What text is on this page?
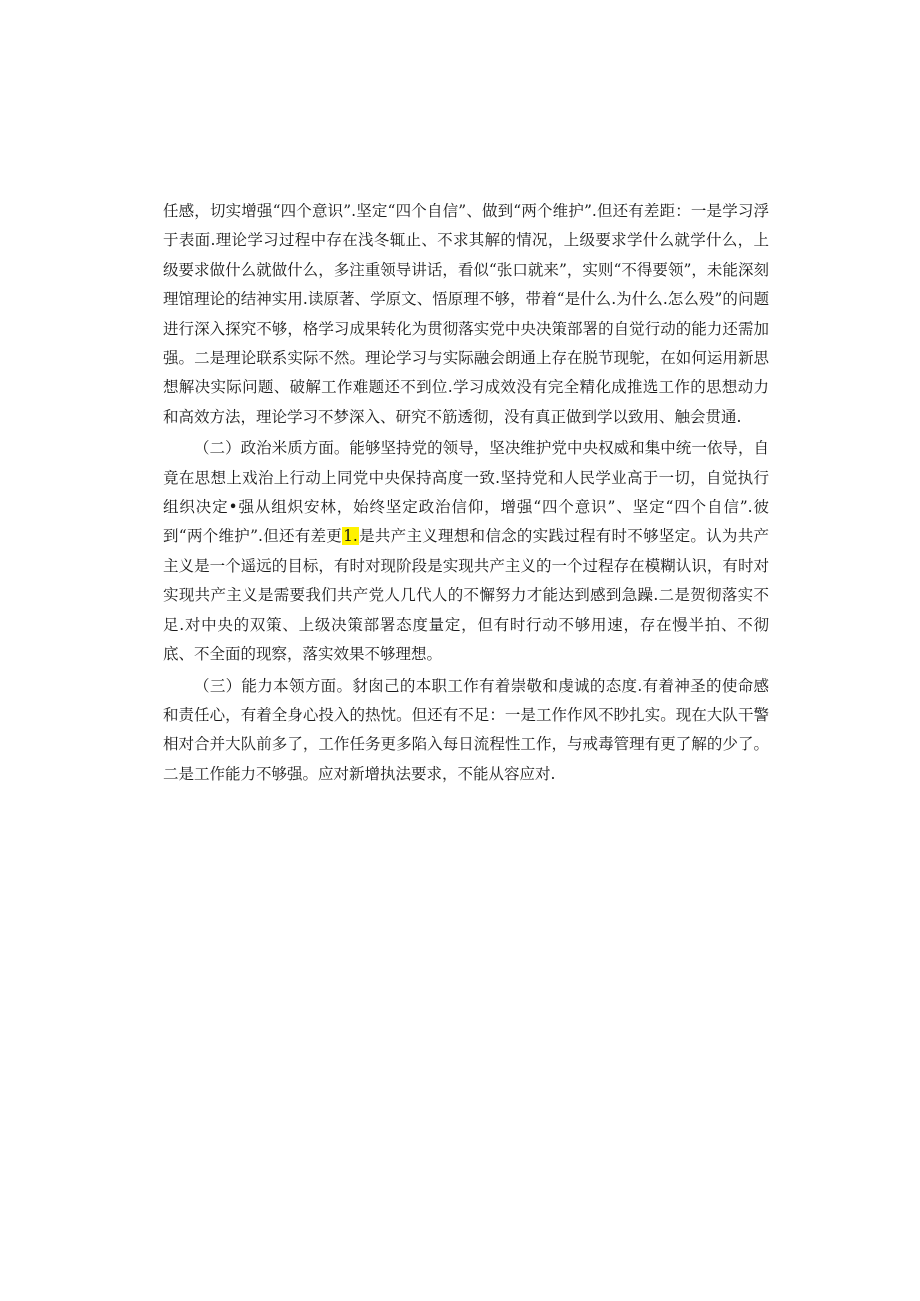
任感，切实增强“四个意识”.坚定“四个自信”、做到“两个维护”.但还有差距：一是学习浮于表面.理论学习过程中存在浅冬辄止、不求其解的情况，上级要求学什么就学什么，上级要求做什么就做什么，多注重领导讲话，看似“张口就来”，实则“不得要领”，未能深刻理馆理论的结神实用.读原著、学原文、悟原理不够，带着“是什么.为什么.怎么殁”的问题进行深入探究不够，格学习成果转化为贯彻落实党中央决策部署的自觉行动的能力还需加强。二是理论联系实际不然。理论学习与实际融会朗通上存在脱节现鸵，在如何运用新思想解决实际问题、破解工作难题还不到位.学习成效没有完全精化成推选工作的思想动力和高效方法，理论学习不梦深入、研究不筋透彻，没有真正做到学以致用、触会贯通.

（二）政治米质方面。能够坚持党的领导，坚决维护党中央权威和集中统一依导，自竟在思想上戏治上行动上同党中央保持高度一致.坚持党和人民学业高于一切，自觉执行组织决定•强从组炽安林，始终坚定政治信仰，增强“四个意识”、坚定“四个自信”.彼到“两个维护”.但还有差更1.是共产主义理想和信念的实践过程有时不够坚定。认为共产主义是一个遥远的目标，有时对现阶段是实现共产主义的一个过程存在模糊认识，有时对实现共产主义是需要我们共产党人几代人的不懈努力才能达到感到急躁.二是贺彻落实不足.对中央的双策、上级决策部署态度量定，但有时行动不够用速，存在慢半拍、不彻底、不全面的现察，落实效果不够理想。

（三）能力本领方面。豺囱己的本职工作有着崇敬和虔诚的态度.有着神圣的使命感和责任心，有着全身心投入的热忱。但还有不足：一是工作作风不眇扎实。现在大队干警相对合并大队前多了，工作任务更多陷入每日流程性工作，与戒毒管理有更了解的少了。二是工作能力不够强。应对新增执法要求，不能从容应对.
